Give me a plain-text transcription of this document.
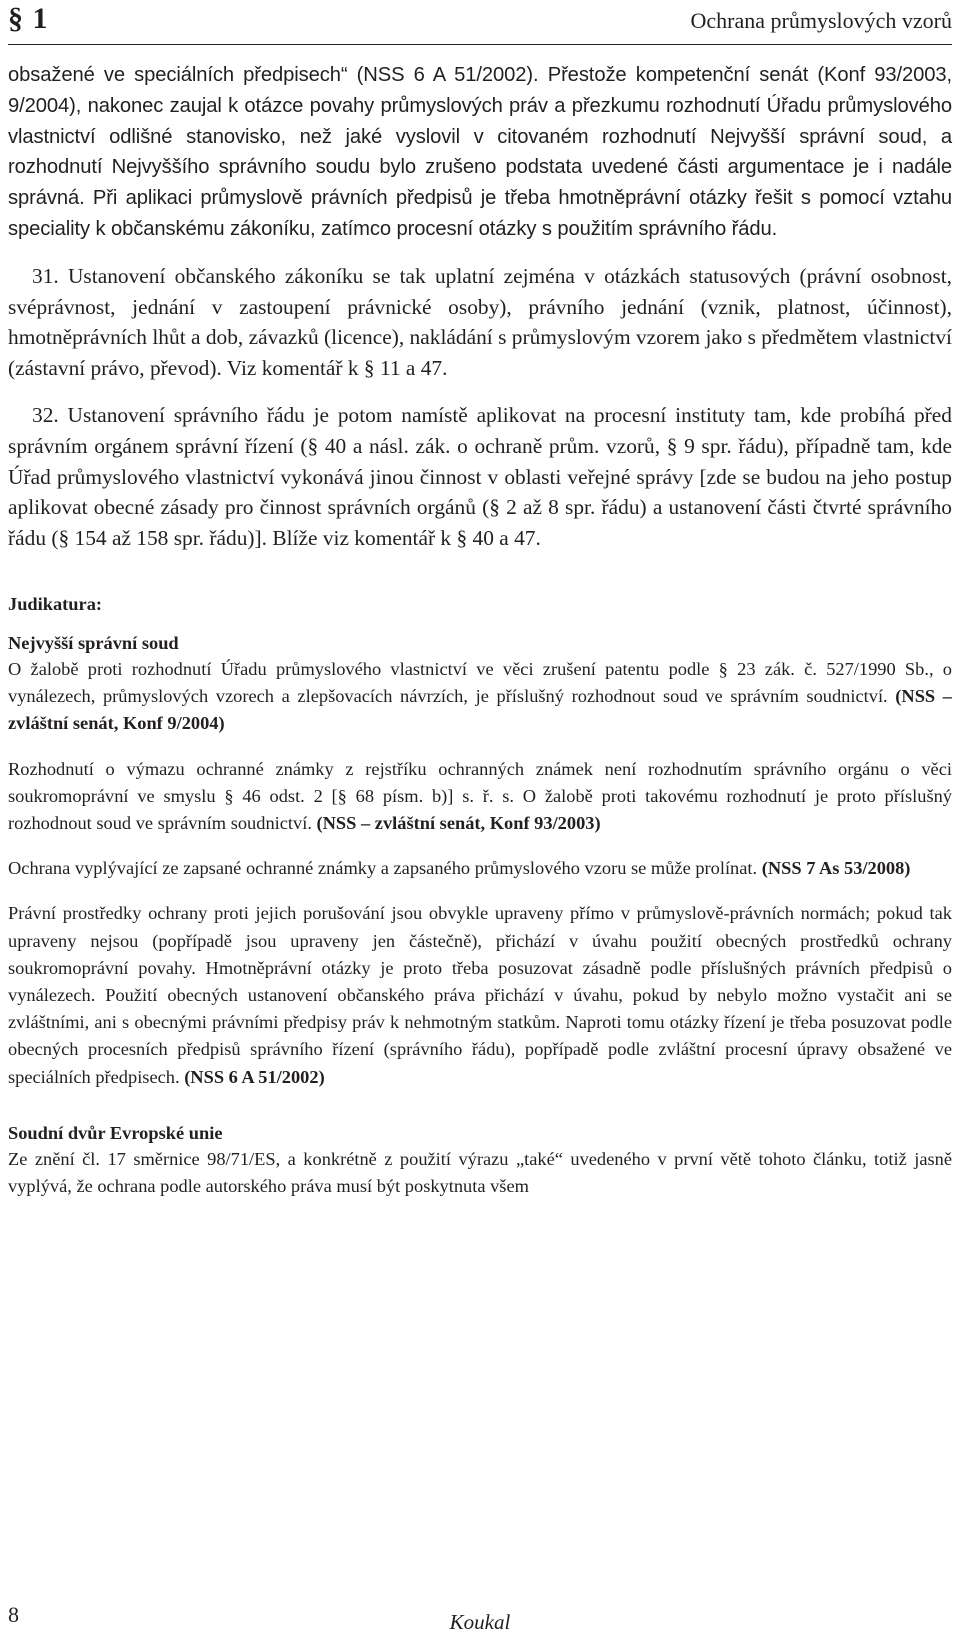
§ 1	Ochrana průmyslových vzorů

obsažené ve speciálních předpisech“ (NSS 6 A 51/2002). Přestože kompetenční senát (Konf 93/2003, 9/2004), nakonec zaujal k otázce povahy průmyslových práv a přezkumu rozhodnutí Úřadu průmyslového vlastnictví odlišné stanovisko, než jaké vyslovil v citovaném rozhodnutí Nejvyšší správní soud, a rozhodnutí Nejvyššího správního soudu bylo zrušeno podstata uvedené části argumentace je i nadále správná. Při aplikaci průmyslově právních předpisů je třeba hmotněprávní otázky řešit s pomocí vztahu speciality k občanskému zákoníku, zatímco procesní otázky s použitím správního řádu.

31. Ustanovení občanského zákoníku se tak uplatní zejména v otázkách statusových (právní osobnost, svéprávnost, jednání v zastoupení právnické osoby), právního jednání (vznik, platnost, účinnost), hmotněprávních lhůt a dob, závazků (licence), nakládání s průmyslovým vzorem jako s předmětem vlastnictví (zástavní právo, převod). Viz komentář k § 11 a 47.

32. Ustanovení správního řádu je potom namístě aplikovat na procesní instituty tam, kde probíhá před správním orgánem správní řízení (§ 40 a násl. zák. o ochraně prům. vzorů, § 9 spr. řádu), případně tam, kde Úřad průmyslového vlastnictví vykonává jinou činnost v oblasti veřejné správy [zde se budou na jeho postup aplikovat obecné zásady pro činnost správních orgánů (§ 2 až 8 spr. řádu) a ustanovení části čtvrté správního řádu (§ 154 až 158 spr. řádu)]. Blíže viz komentář k § 40 a 47.

Judikatura:
Nejvyšší správní soud

O žalobě proti rozhodnutí Úřadu průmyslového vlastnictví ve věci zrušení patentu podle § 23 zák. č. 527/1990 Sb., o vynálezech, průmyslových vzorech a zlepšovacích návrzích, je příslušný rozhodnout soud ve správním soudnictví. (NSS – zvláštní senát, Konf 9/2004)

Rozhodnutí o výmazu ochranné známky z rejstříku ochranných známek není rozhodnutím správního orgánu o věci soukromoprávní ve smyslu § 46 odst. 2 [§ 68 písm. b)] s. ř. s. O žalobě proti takovému rozhodnutí je proto příslušný rozhodnout soud ve správním soudnictví. (NSS – zvláštní senát, Konf 93/2003)

Ochrana vyplývající ze zapsané ochranné známky a zapsaného průmyslového vzoru se může prolínat. (NSS 7 As 53/2008)

Právní prostředky ochrany proti jejich porušování jsou obvykle upraveny přímo v průmyslově-právních normách; pokud tak upraveny nejsou (popřípadě jsou upraveny jen částečně), přichází v úvahu použití obecných prostředků ochrany soukromoprávní povahy. Hmotněprávní otázky je proto třeba posuzovat zásadně podle příslušných právních předpisů o vynálezech. Použití obecných ustanovení občanského práva přichází v úvahu, pokud by nebylo možno vystačit ani se zvláštními, ani s obecnými právními předpisy práv k nehmotným statkům. Naproti tomu otázky řízení je třeba posuzovat podle obecných procesních předpisů správního řízení (správního řádu), popřípadě podle zvláštní procesní úpravy obsažené ve speciálních předpisech. (NSS 6 A 51/2002)

Soudní dvůr Evropské unie

Ze znění čl. 17 směrnice 98/71/ES, a konkrétně z použití výrazu „také“ uvedeného v první větě tohoto článku, totiž jasně vyplývá, že ochrana podle autorského práva musí být poskytnuta všem

8	Koukal
